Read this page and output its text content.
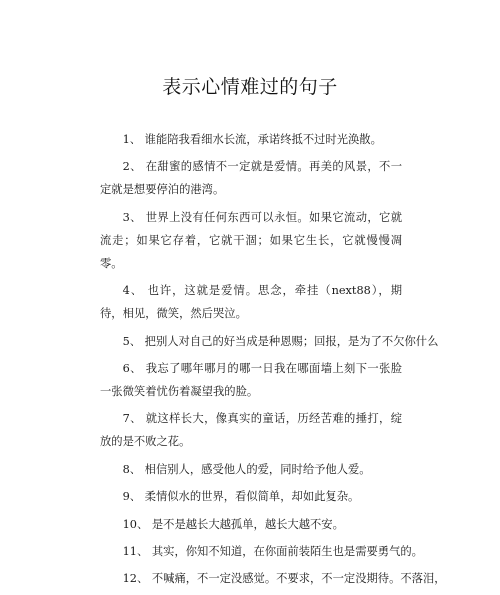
表示心情难过的句子

1、 谁能陪我看细水长流，承诺终抵不过时光涣散。

2、 在甜蜜的感情不一定就是爱情。再美的风景，不一定就是想要停泊的港湾。

3、 世界上没有任何东西可以永恒。如果它流动，它就流走；如果它存着，它就干涸；如果它生长，它就慢慢凋零。

4、 也许，这就是爱情。思念，牵挂（next88），期待，相见，微笑，然后哭泣。

5、 把别人对自己的好当成是种恩赐；回报，是为了不欠你什么

6、 我忘了哪年哪月的哪一日我在哪面墙上刻下一张脸一张微笑着忧伤着凝望我的脸。

7、 就这样长大，像真实的童话，历经苦难的捶打，绽放的是不败之花。

8、 相信别人，感受他人的爱，同时给予他人爱。

9、 柔情似水的世界，看似简单，却如此复杂。

10、 是不是越长大越孤单，越长大越不安。

11、 其实，你知不知道，在你面前装陌生也是需要勇气的。

12、 不喊痛，不一定没感觉。不要求，不一定没期待。不落泪，
